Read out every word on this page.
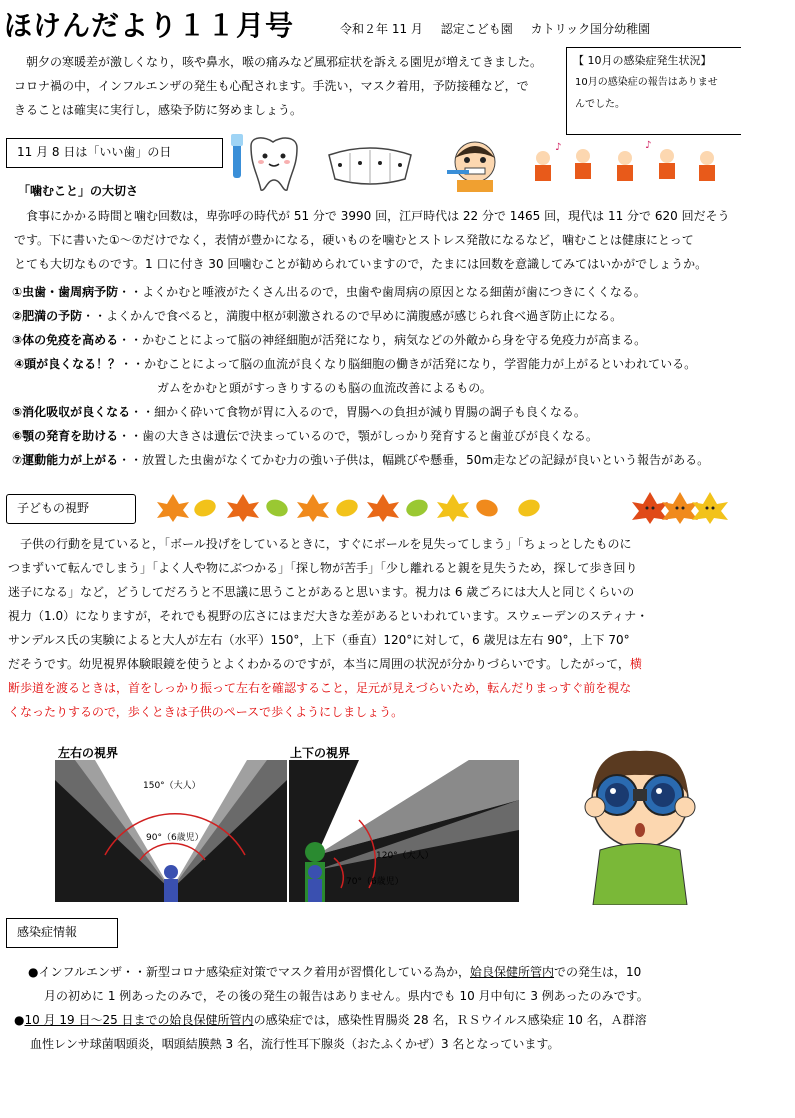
ほけんだより１１月号	令和２年 11 月 認定こども園 カトリック国分幼稚園

朝夕の寒暖差が激しくなり，咳や鼻水，喉の痛みなど風邪症状を訴える園児が増えてきました。

コロナ禍の中，インフルエンザの発生も心配されます。手洗い，マスク着用，予防接種など，で

きることは確実に実行し，感染予防に努めましょう。

【 10月の感染症発生状況】
10月の感染症の報告はありませ
んでした。
11 月 8 日は「いい歯」の日	♪	♪
「噛むこと」の大切さ

食事にかかる時間と噛む回数は，卑弥呼の時代が 51 分で 3990 回，江戸時代は 22 分で 1465 回，現代は 11 分で 620 回だそう

です。下に書いた①～⑦だけでなく，表情が豊かになる，硬いものを噛むとストレス発散になるなど，噛むことは健康にとって

とても大切なものです。1 口に付き 30 回噛むことが勧められていますので，たまには回数を意識してみてはいかがでしょうか。

①虫歯・歯周病予防・・よくかむと唾液がたくさん出るので，虫歯や歯周病の原因となる細菌が歯につきにくくなる。
②肥満の予防・・よくかんで食べると，満腹中枢が刺激されるので早めに満腹感が感じられ食べ過ぎ防止になる。
③体の免疫を高める・・かむことによって脳の神経細胞が活発になり，病気などの外敵から身を守る免疫力が高まる。
④頭が良くなる！？・・かむことによって脳の血流が良くなり脳細胞の働きが活発になり，学習能力が上がるといわれている。
ガムをかむと頭がすっきりするのも脳の血流改善によるもの。
⑤消化吸収が良くなる・・細かく砕いて食物が胃に入るので，胃腸への負担が減り胃腸の調子も良くなる。
⑥顎の発育を助ける・・歯の大きさは遺伝で決まっているので，顎がしっかり発育すると歯並びが良くなる。
⑦運動能力が上がる・・放置した虫歯がなくてかむ力の強い子供は，幅跳びや懸垂，50m走などの記録が良いという報告がある。
子どもの視野

子供の行動を見ていると，「ボール投げをしているときに，すぐにボールを見失ってしまう」「ちょっとしたものに

つまずいて転んでしまう」「よく人や物にぶつかる」「探し物が苦手」「少し離れると親を見失うため，探して歩き回り

迷子になる」など，どうしてだろうと不思議に思うことがあると思います。視力は 6 歳ごろには大人と同じくらいの

視力（1.0）になりますが，それでも視野の広さにはまだ大きな差があるといわれています。スウェーデンのスティナ・

サンデルス氏の実験によると大人が左右（水平）150°，上下（垂直）120°に対して，6 歳児は左右 90°，上下 70°

だそうです。幼児視界体験眼鏡を使うとよくわかるのですが，本当に周囲の状況が分かりづらいです。したがって，横

断歩道を渡るときは，首をしっかり振って左右を確認すること，足元が見えづらいため，転んだりまっすぐ前を視な

くなったりするので，歩くときは子供のペースで歩くようにしましょう。

左右の視界	上下の視界
150°（大人）
90°（6歳児）
120°（大人）
70°（6歳児）
感染症情報

●インフルエンザ・・新型コロナ感染症対策でマスク着用が習慣化している為か，姶良保健所管内での発生は，10

月の初めに 1 例あったのみで，その後の発生の報告はありません。県内でも 10 月中旬に 3 例あったのみです。

●10 月 19 日～25 日までの姶良保健所管内の感染症では，感染性胃腸炎 28 名，ＲＳウイルス感染症 10 名，Ａ群溶

血性レンサ球菌咽頭炎，咽頭結膜熱 3 名，流行性耳下腺炎（おたふくかぜ）3 名となっています。
